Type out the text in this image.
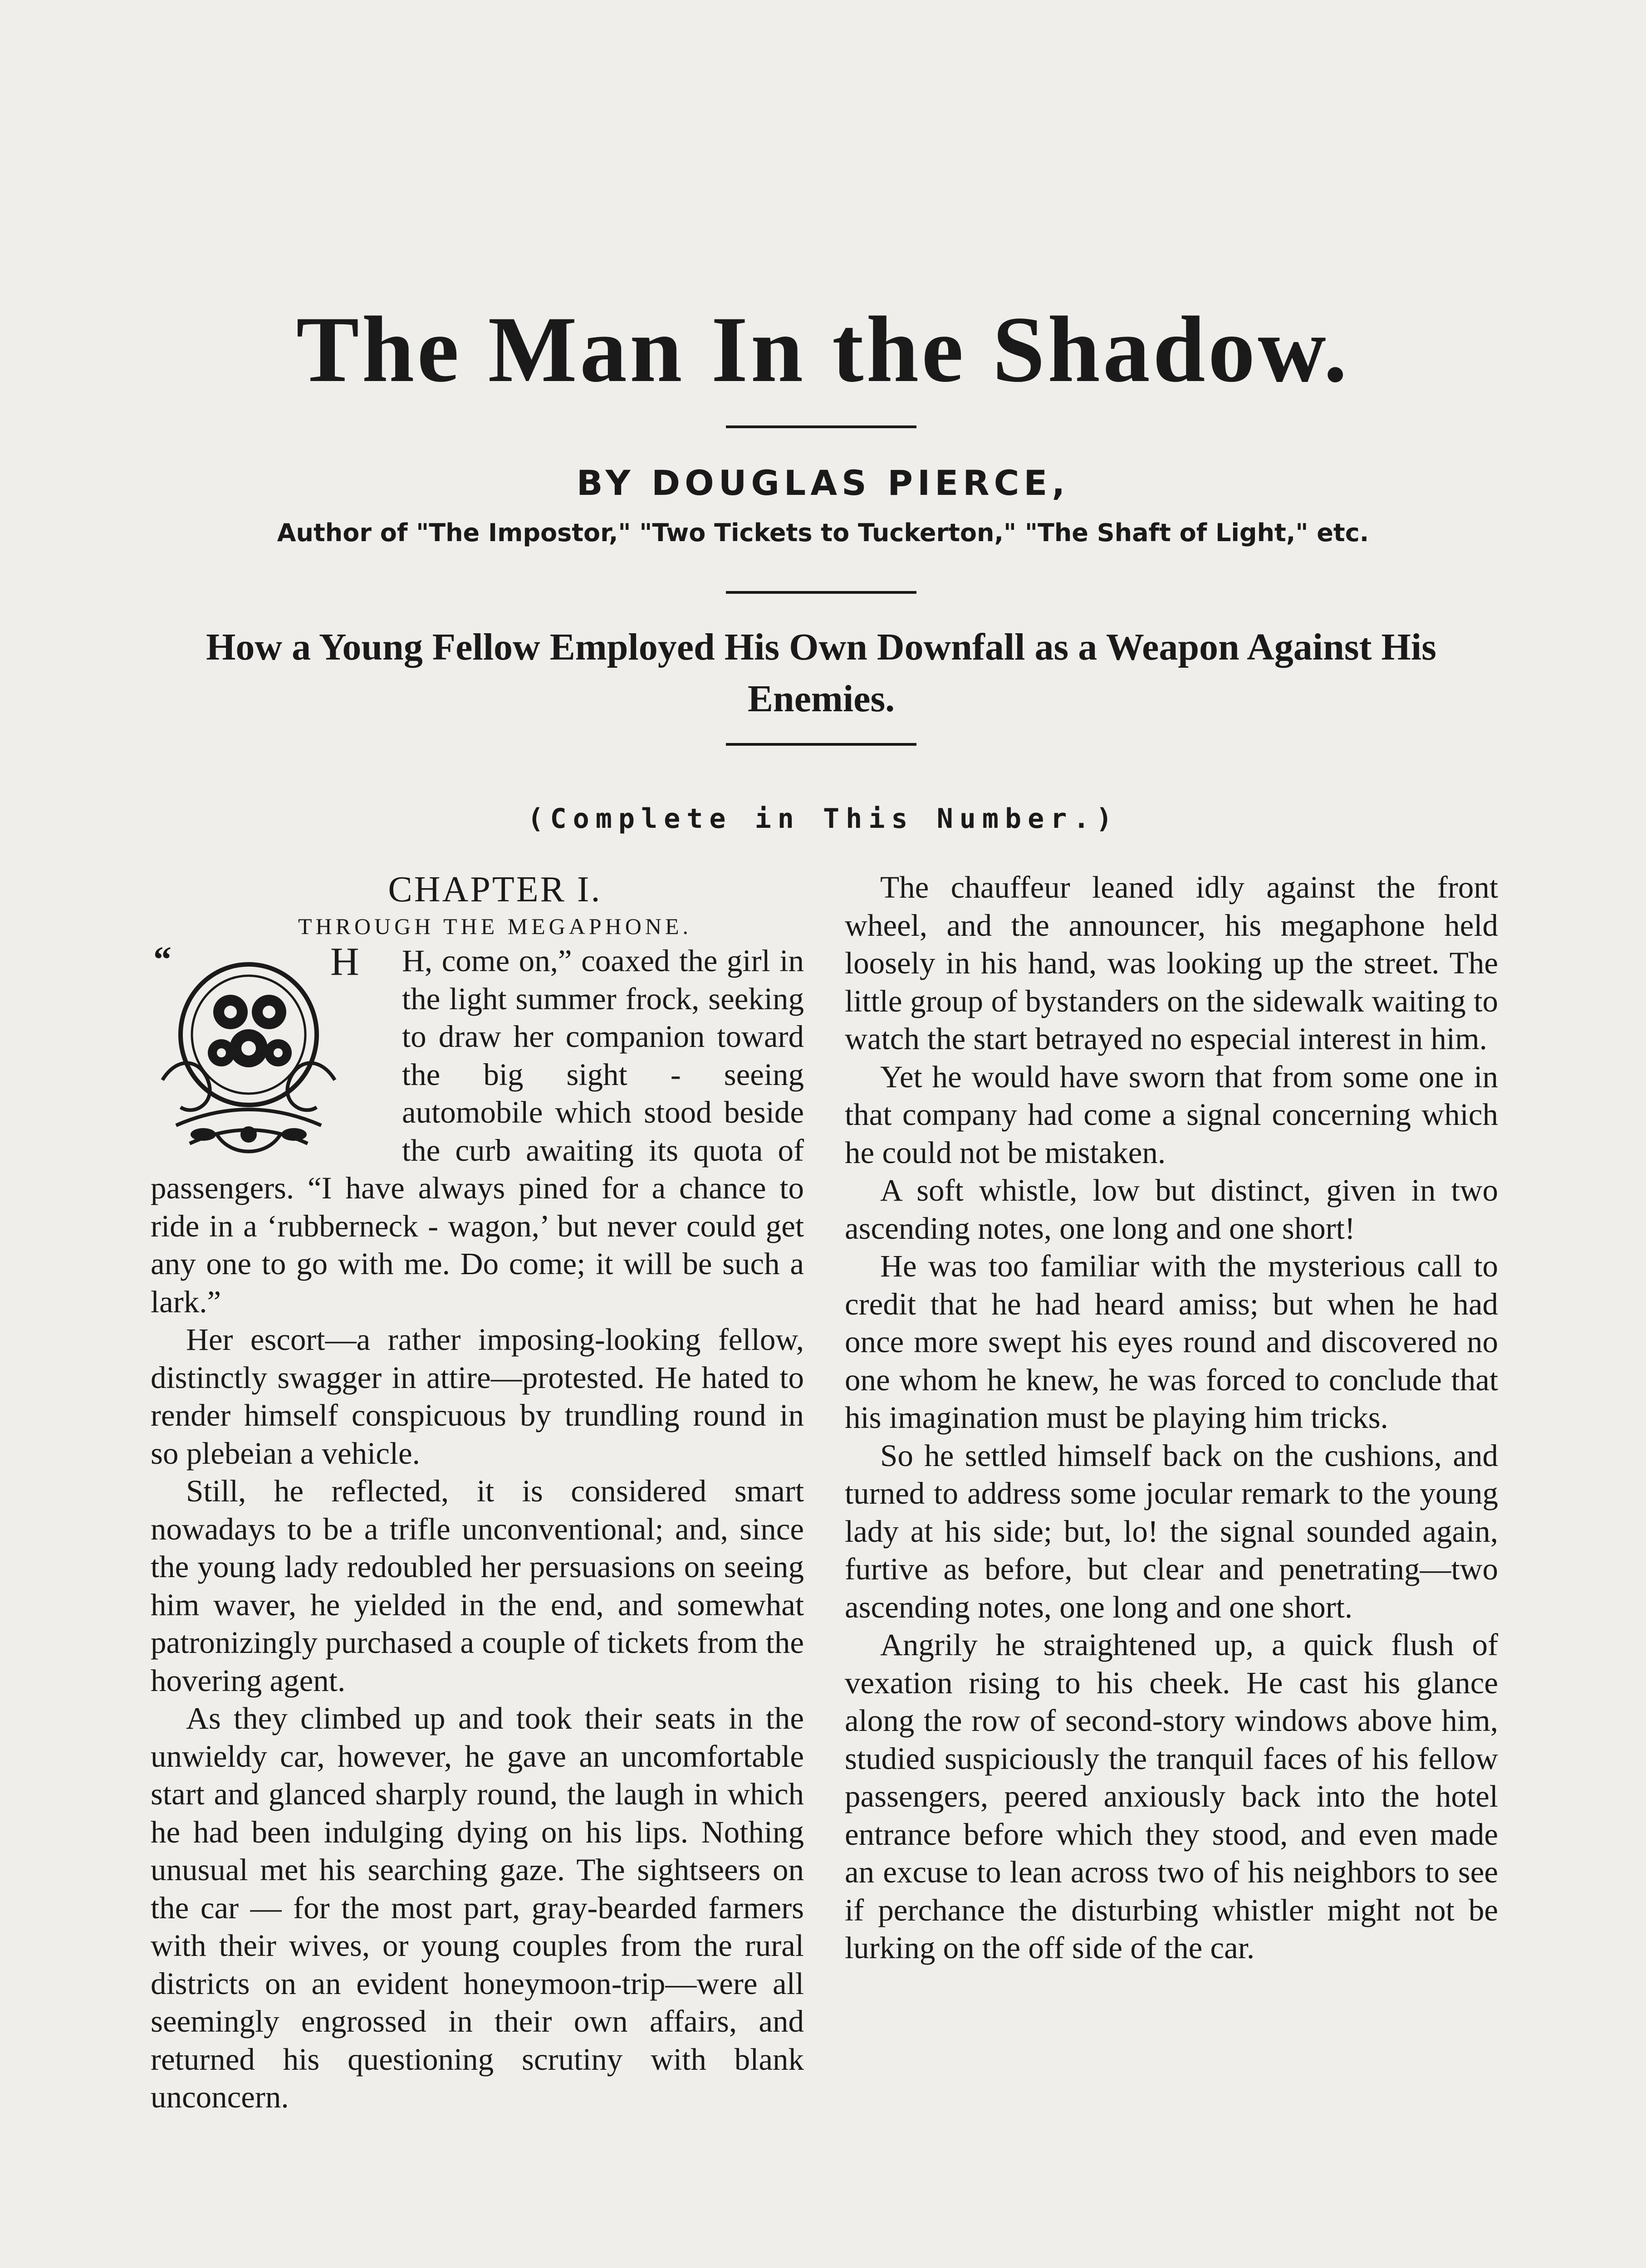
The Man In the Shadow.
BY DOUGLAS PIERCE,
Author of "The Impostor," "Two Tickets to Tuckerton," "The Shaft of Light," etc.
How a Young Fellow Employed His Own Downfall as a Weapon Against His Enemies.
(Complete in This Number.)

CHAPTER I.

THROUGH THE MEGAPHONE.

“	H	H, come on,” coaxed the girl in the light summer frock, seeking to draw her companion toward the big sight - seeing automobile which stood beside the curb awaiting its quota of passengers. “I have always pined for a chance to ride in a ‘rubberneck - wagon,’ but never could get any one to go with me. Do come; it will be such a lark.”

Her escort—a rather imposing-looking fellow, distinctly swagger in attire—protested. He hated to render himself conspicuous by trundling round in so plebeian a vehicle.

Still, he reflected, it is considered smart nowadays to be a trifle unconventional; and, since the young lady redoubled her persuasions on seeing him waver, he yielded in the end, and somewhat patronizingly purchased a couple of tickets from the hovering agent.

As they climbed up and took their seats in the unwieldy car, however, he gave an uncomfortable start and glanced sharply round, the laugh in which he had been indulging dying on his lips. Nothing unusual met his searching gaze. The sightseers on the car — for the most part, gray-bearded farmers with their wives, or young couples from the rural districts on an evident honeymoon-trip—were all seemingly engrossed in their own affairs, and returned his questioning scrutiny with blank unconcern.

The chauffeur leaned idly against the front wheel, and the announcer, his megaphone held loosely in his hand, was looking up the street. The little group of bystanders on the sidewalk waiting to watch the start betrayed no especial interest in him.

Yet he would have sworn that from some one in that company had come a signal concerning which he could not be mistaken.

A soft whistle, low but distinct, given in two ascending notes, one long and one short!

He was too familiar with the mysterious call to credit that he had heard amiss; but when he had once more swept his eyes round and discovered no one whom he knew, he was forced to conclude that his imagination must be playing him tricks.

So he settled himself back on the cushions, and turned to address some jocular remark to the young lady at his side; but, lo! the signal sounded again, furtive as before, but clear and penetrating—two ascending notes, one long and one short.

Angrily he straightened up, a quick flush of vexation rising to his cheek. He cast his glance along the row of second-story windows above him, studied suspiciously the tranquil faces of his fellow passengers, peered anxiously back into the hotel entrance before which they stood, and even made an excuse to lean across two of his neighbors to see if perchance the disturbing whistler might not be lurking on the off side of the car.
